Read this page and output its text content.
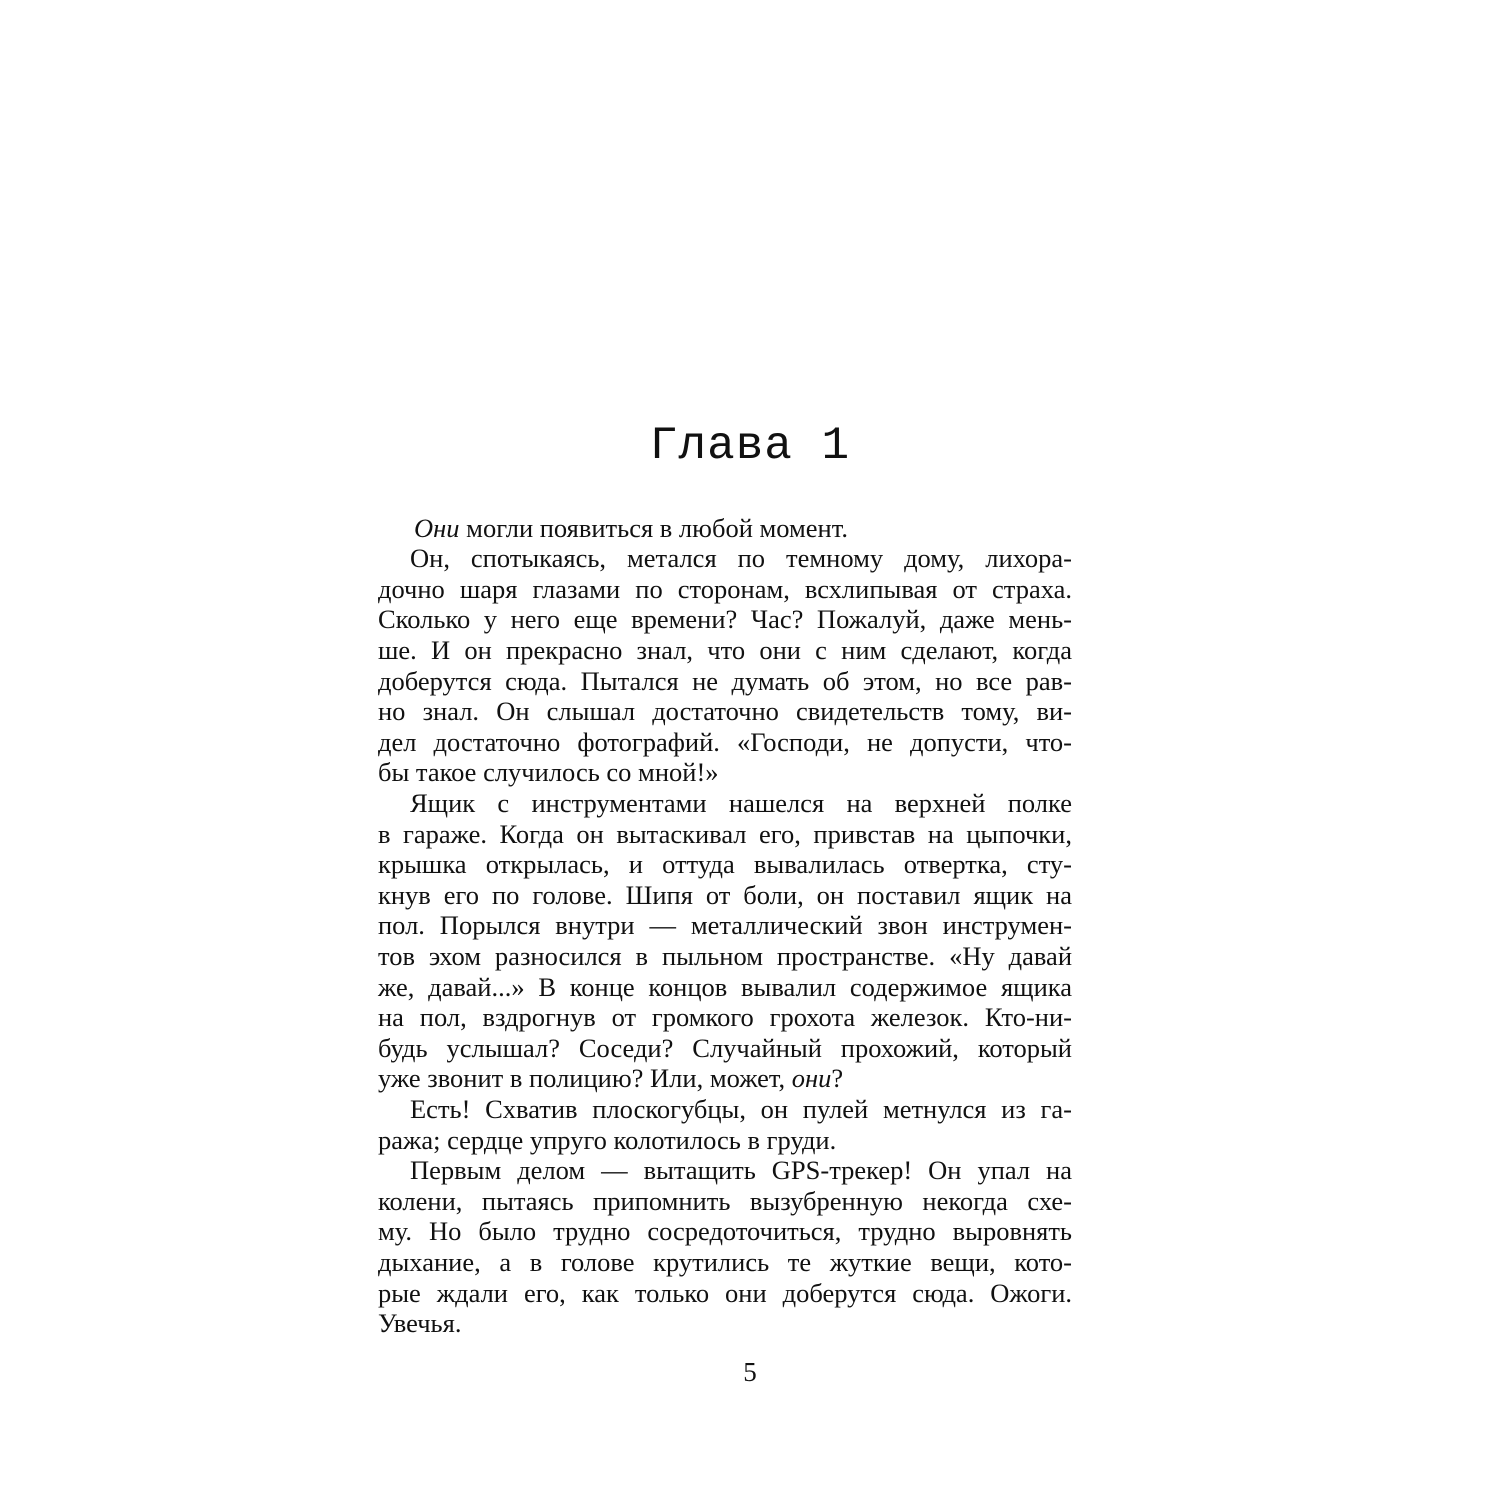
Глава 1
Они могли появиться в любой момент.
Он, спотыкаясь, метался по темному дому, лихора-
дочно шаря глазами по сторонам, всхлипывая от страха.
Сколько у него еще времени? Час? Пожалуй, даже мень-
ше. И он прекрасно знал, что они с ним сделают, когда
доберутся сюда. Пытался не думать об этом, но все рав-
но знал. Он слышал достаточно свидетельств тому, ви-
дел достаточно фотографий. «Господи, не допусти, что-
бы такое случилось со мной!»
Ящик с инструментами нашелся на верхней полке
в гараже. Когда он вытаскивал его, привстав на цыпочки,
крышка открылась, и оттуда вывалилась отвертка, сту-
кнув его по голове. Шипя от боли, он поставил ящик на
пол. Порылся внутри — металлический звон инструмен-
тов эхом разносился в пыльном пространстве. «Ну давай
же, давай...» В конце концов вывалил содержимое ящика
на пол, вздрогнув от громкого грохота железок. Кто-ни-
будь услышал? Соседи? Случайный прохожий, который
уже звонит в полицию? Или, может, они?
Есть! Схватив плоскогубцы, он пулей метнулся из га-
ража; сердце упруго колотилось в груди.
Первым делом — вытащить GPS-трекер! Он упал на
колени, пытаясь припомнить вызубренную некогда схе-
му. Но было трудно сосредоточиться, трудно выровнять
дыхание, а в голове крутились те жуткие вещи, кото-
рые ждали его, как только они доберутся сюда. Ожоги.
Увечья.
5
